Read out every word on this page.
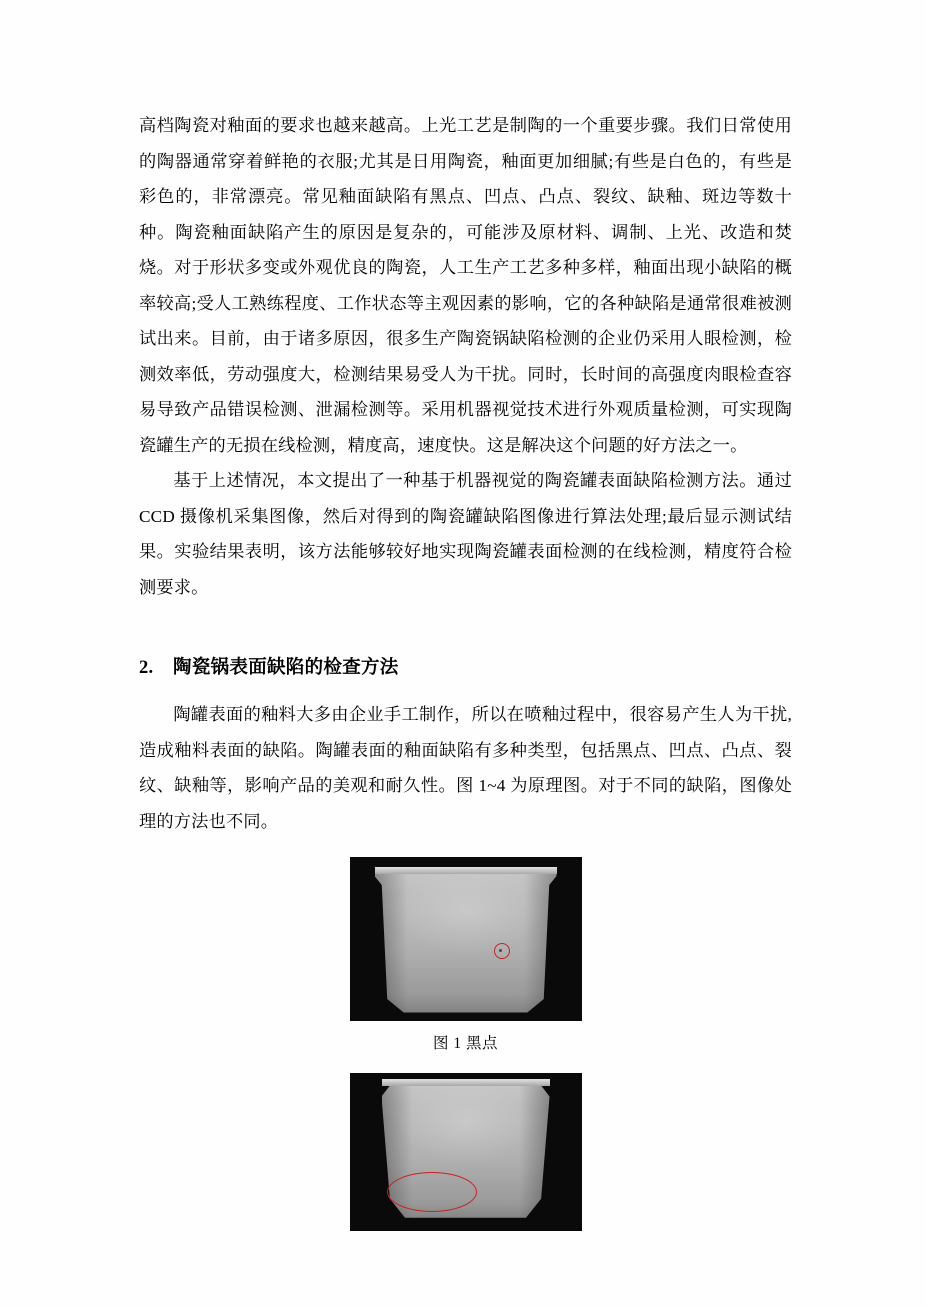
高档陶瓷对釉面的要求也越来越高。上光工艺是制陶的一个重要步骤。我们日常使用的陶器通常穿着鲜艳的衣服;尤其是日用陶瓷，釉面更加细腻;有些是白色的，有些是彩色的，非常漂亮。常见釉面缺陷有黑点、凹点、凸点、裂纹、缺釉、斑边等数十种。陶瓷釉面缺陷产生的原因是复杂的，可能涉及原材料、调制、上光、改造和焚烧。对于形状多变或外观优良的陶瓷，人工生产工艺多种多样，釉面出现小缺陷的概率较高;受人工熟练程度、工作状态等主观因素的影响，它的各种缺陷是通常很难被测试出来。目前，由于诸多原因，很多生产陶瓷锅缺陷检测的企业仍采用人眼检测，检测效率低，劳动强度大，检测结果易受人为干扰。同时，长时间的高强度肉眼检查容易导致产品错误检测、泄漏检测等。采用机器视觉技术进行外观质量检测，可实现陶瓷罐生产的无损在线检测，精度高，速度快。这是解决这个问题的好方法之一。

基于上述情况，本文提出了一种基于机器视觉的陶瓷罐表面缺陷检测方法。通过 CCD 摄像机采集图像，然后对得到的陶瓷罐缺陷图像进行算法处理;最后显示测试结果。实验结果表明，该方法能够较好地实现陶瓷罐表面检测的在线检测，精度符合检测要求。

2. 陶瓷锅表面缺陷的检查方法

陶罐表面的釉料大多由企业手工制作，所以在喷釉过程中，很容易产生人为干扰,造成釉料表面的缺陷。陶罐表面的釉面缺陷有多种类型，包括黑点、凹点、凸点、裂纹、缺釉等，影响产品的美观和耐久性。图 1~4 为原理图。对于不同的缺陷，图像处理的方法也不同。

图 1 黑点
